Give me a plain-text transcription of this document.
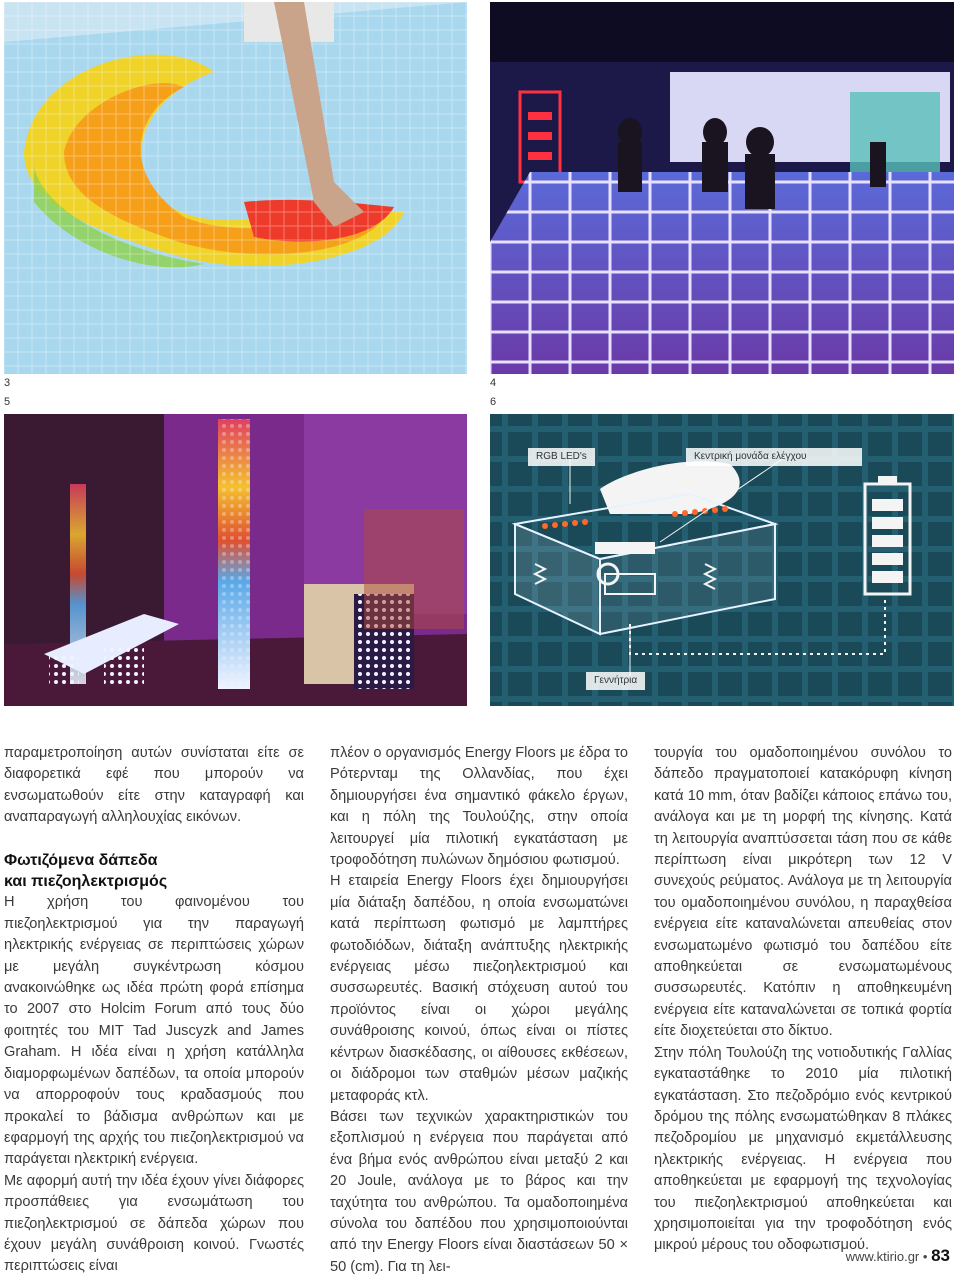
3	4
5	6
RGB LED's	Κεντρική μονάδα ελέγχου
Γεννήτρια

παραμετροποίηση αυτών συνίσταται είτε σε διαφορετικά εφέ που μπορούν να ενσωματωθούν είτε στην καταγραφή και αναπαραγωγή αλληλουχίας εικόνων.

Φωτιζόμενα δάπεδα
και πιεζοηλεκτρισμός

Η χρήση του φαινομένου του πιεζοηλεκτρισμού για την παραγωγή ηλεκτρικής ενέργειας σε περιπτώσεις χώρων με μεγάλη συγκέντρωση κόσμου ανακοινώθηκε ως ιδέα πρώτη φορά επίσημα το 2007 στο Holcim Forum από τους δύο φοιτητές του MIT Tad Juscyzk and James Graham. Η ιδέα είναι η χρήση κατάλληλα διαμορφωμένων δαπέδων, τα οποία μπορούν να απορροφούν τους κραδασμούς που προκαλεί το βάδισμα ανθρώπων και με εφαρμογή της αρχής του πιεζοηλεκτρισμού να παράγεται ηλεκτρική ενέργεια.

Με αφορμή αυτή την ιδέα έχουν γίνει διάφορες προσπάθειες για ενσωμάτωση του πιεζοηλεκτρισμού σε δάπεδα χώρων που έχουν μεγάλη συνάθροιση κοινού. Γνωστές περιπτώσεις είναι

πλέον ο οργανισμός Energy Floors με έδρα το Ρότερνταμ της Ολλανδίας, που έχει δημιουργήσει ένα σημαντικό φάκελο έργων, και η πόλη της Τουλούζης, στην οποία λειτουργεί μία πιλοτική εγκατάσταση με τροφοδότηση πυλώνων δημόσιου φωτισμού.

Η εταιρεία Energy Floors έχει δημιουργήσει μία διάταξη δαπέδου, η οποία ενσωματώνει κατά περίπτωση φωτισμό με λαμπτήρες φωτοδιόδων, διάταξη ανάπτυξης ηλεκτρικής ενέργειας μέσω πιεζοηλεκτρισμού και συσσωρευτές. Βασική στόχευση αυτού του προϊόντος είναι οι χώροι μεγάλης συνάθροισης κοινού, όπως είναι οι πίστες κέντρων διασκέδασης, οι αίθουσες εκθέσεων, οι διάδρομοι των σταθμών μέσων μαζικής μεταφοράς κτλ.

Βάσει των τεχνικών χαρακτηριστικών του εξοπλισμού η ενέργεια που παράγεται από ένα βήμα ενός ανθρώπου είναι μεταξύ 2 και 20 Joule, ανάλογα με το βάρος και την ταχύτητα του ανθρώπου. Τα ομαδοποιημένα σύνολα του δαπέδου που χρησιμοποιούνται από την Energy Floors είναι διαστάσεων 50 × 50 (cm). Για τη λει-

τουργία του ομαδοποιημένου συνόλου το δάπεδο πραγματοποιεί κατακόρυφη κίνηση κατά 10 mm, όταν βαδίζει κάποιος επάνω του, ανάλογα και με τη μορφή της κίνησης. Κατά τη λειτουργία αναπτύσσεται τάση που σε κάθε περίπτωση είναι μικρότερη των 12 V συνεχούς ρεύματος. Ανάλογα με τη λειτουργία του ομαδοποιημένου συνόλου, η παραχθείσα ενέργεια είτε καταναλώνεται απευθείας στον ενσωματωμένο φωτισμό του δαπέδου είτε αποθηκεύεται σε ενσωματωμένους συσσωρευτές. Κατόπιν η αποθηκευμένη ενέργεια είτε καταναλώνεται σε τοπικά φορτία είτε διοχετεύεται στο δίκτυο.

Στην πόλη Τουλούζη της νοτιοδυτικής Γαλλίας εγκαταστάθηκε το 2010 μία πιλοτική εγκατάσταση. Στο πεζοδρόμιο ενός κεντρικού δρόμου της πόλης ενσωματώθηκαν 8 πλάκες πεζοδρομίου με μηχανισμό εκμετάλλευσης ηλεκτρικής ενέργειας. Η ενέργεια που αποθηκεύεται με εφαρμογή της τεχνολογίας του πιεζοηλεκτρισμού αποθηκεύεται και χρησιμοποιείται για την τροφοδότηση ενός μικρού μέρους του οδοφωτισμού.

www.ktirio.gr • 83
